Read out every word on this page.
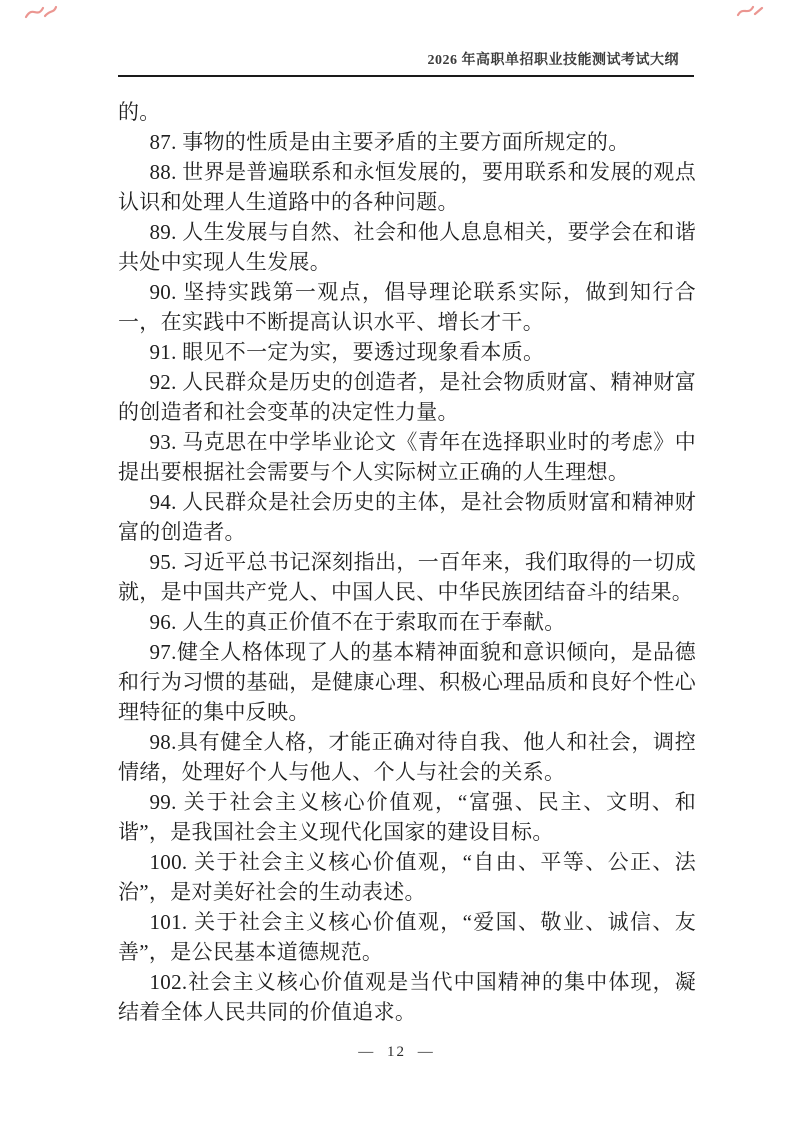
2026 年高职单招职业技能测试考试大纲

的。

87. 事物的性质是由主要矛盾的主要方面所规定的。

88. 世界是普遍联系和永恒发展的，要用联系和发展的观点认识和处理人生道路中的各种问题。

89. 人生发展与自然、社会和他人息息相关，要学会在和谐共处中实现人生发展。

90. 坚持实践第一观点，倡导理论联系实际，做到知行合一，在实践中不断提高认识水平、增长才干。

91. 眼见不一定为实，要透过现象看本质。

92. 人民群众是历史的创造者，是社会物质财富、精神财富的创造者和社会变革的决定性力量。

93. 马克思在中学毕业论文《青年在选择职业时的考虑》中提出要根据社会需要与个人实际树立正确的人生理想。

94. 人民群众是社会历史的主体，是社会物质财富和精神财富的创造者。

95. 习近平总书记深刻指出，一百年来，我们取得的一切成就，是中国共产党人、中国人民、中华民族团结奋斗的结果。

96. 人生的真正价值不在于索取而在于奉献。

97.健全人格体现了人的基本精神面貌和意识倾向，是品德和行为习惯的基础，是健康心理、积极心理品质和良好个性心理特征的集中反映。

98.具有健全人格，才能正确对待自我、他人和社会，调控情绪，处理好个人与他人、个人与社会的关系。

99. 关于社会主义核心价值观，“富强、民主、文明、和谐”，是我国社会主义现代化国家的建设目标。

100. 关于社会主义核心价值观，“自由、平等、公正、法治”，是对美好社会的生动表述。

101. 关于社会主义核心价值观，“爱国、敬业、诚信、友善”，是公民基本道德规范。

102.社会主义核心价值观是当代中国精神的集中体现，凝结着全体人民共同的价值追求。

— 12 —
